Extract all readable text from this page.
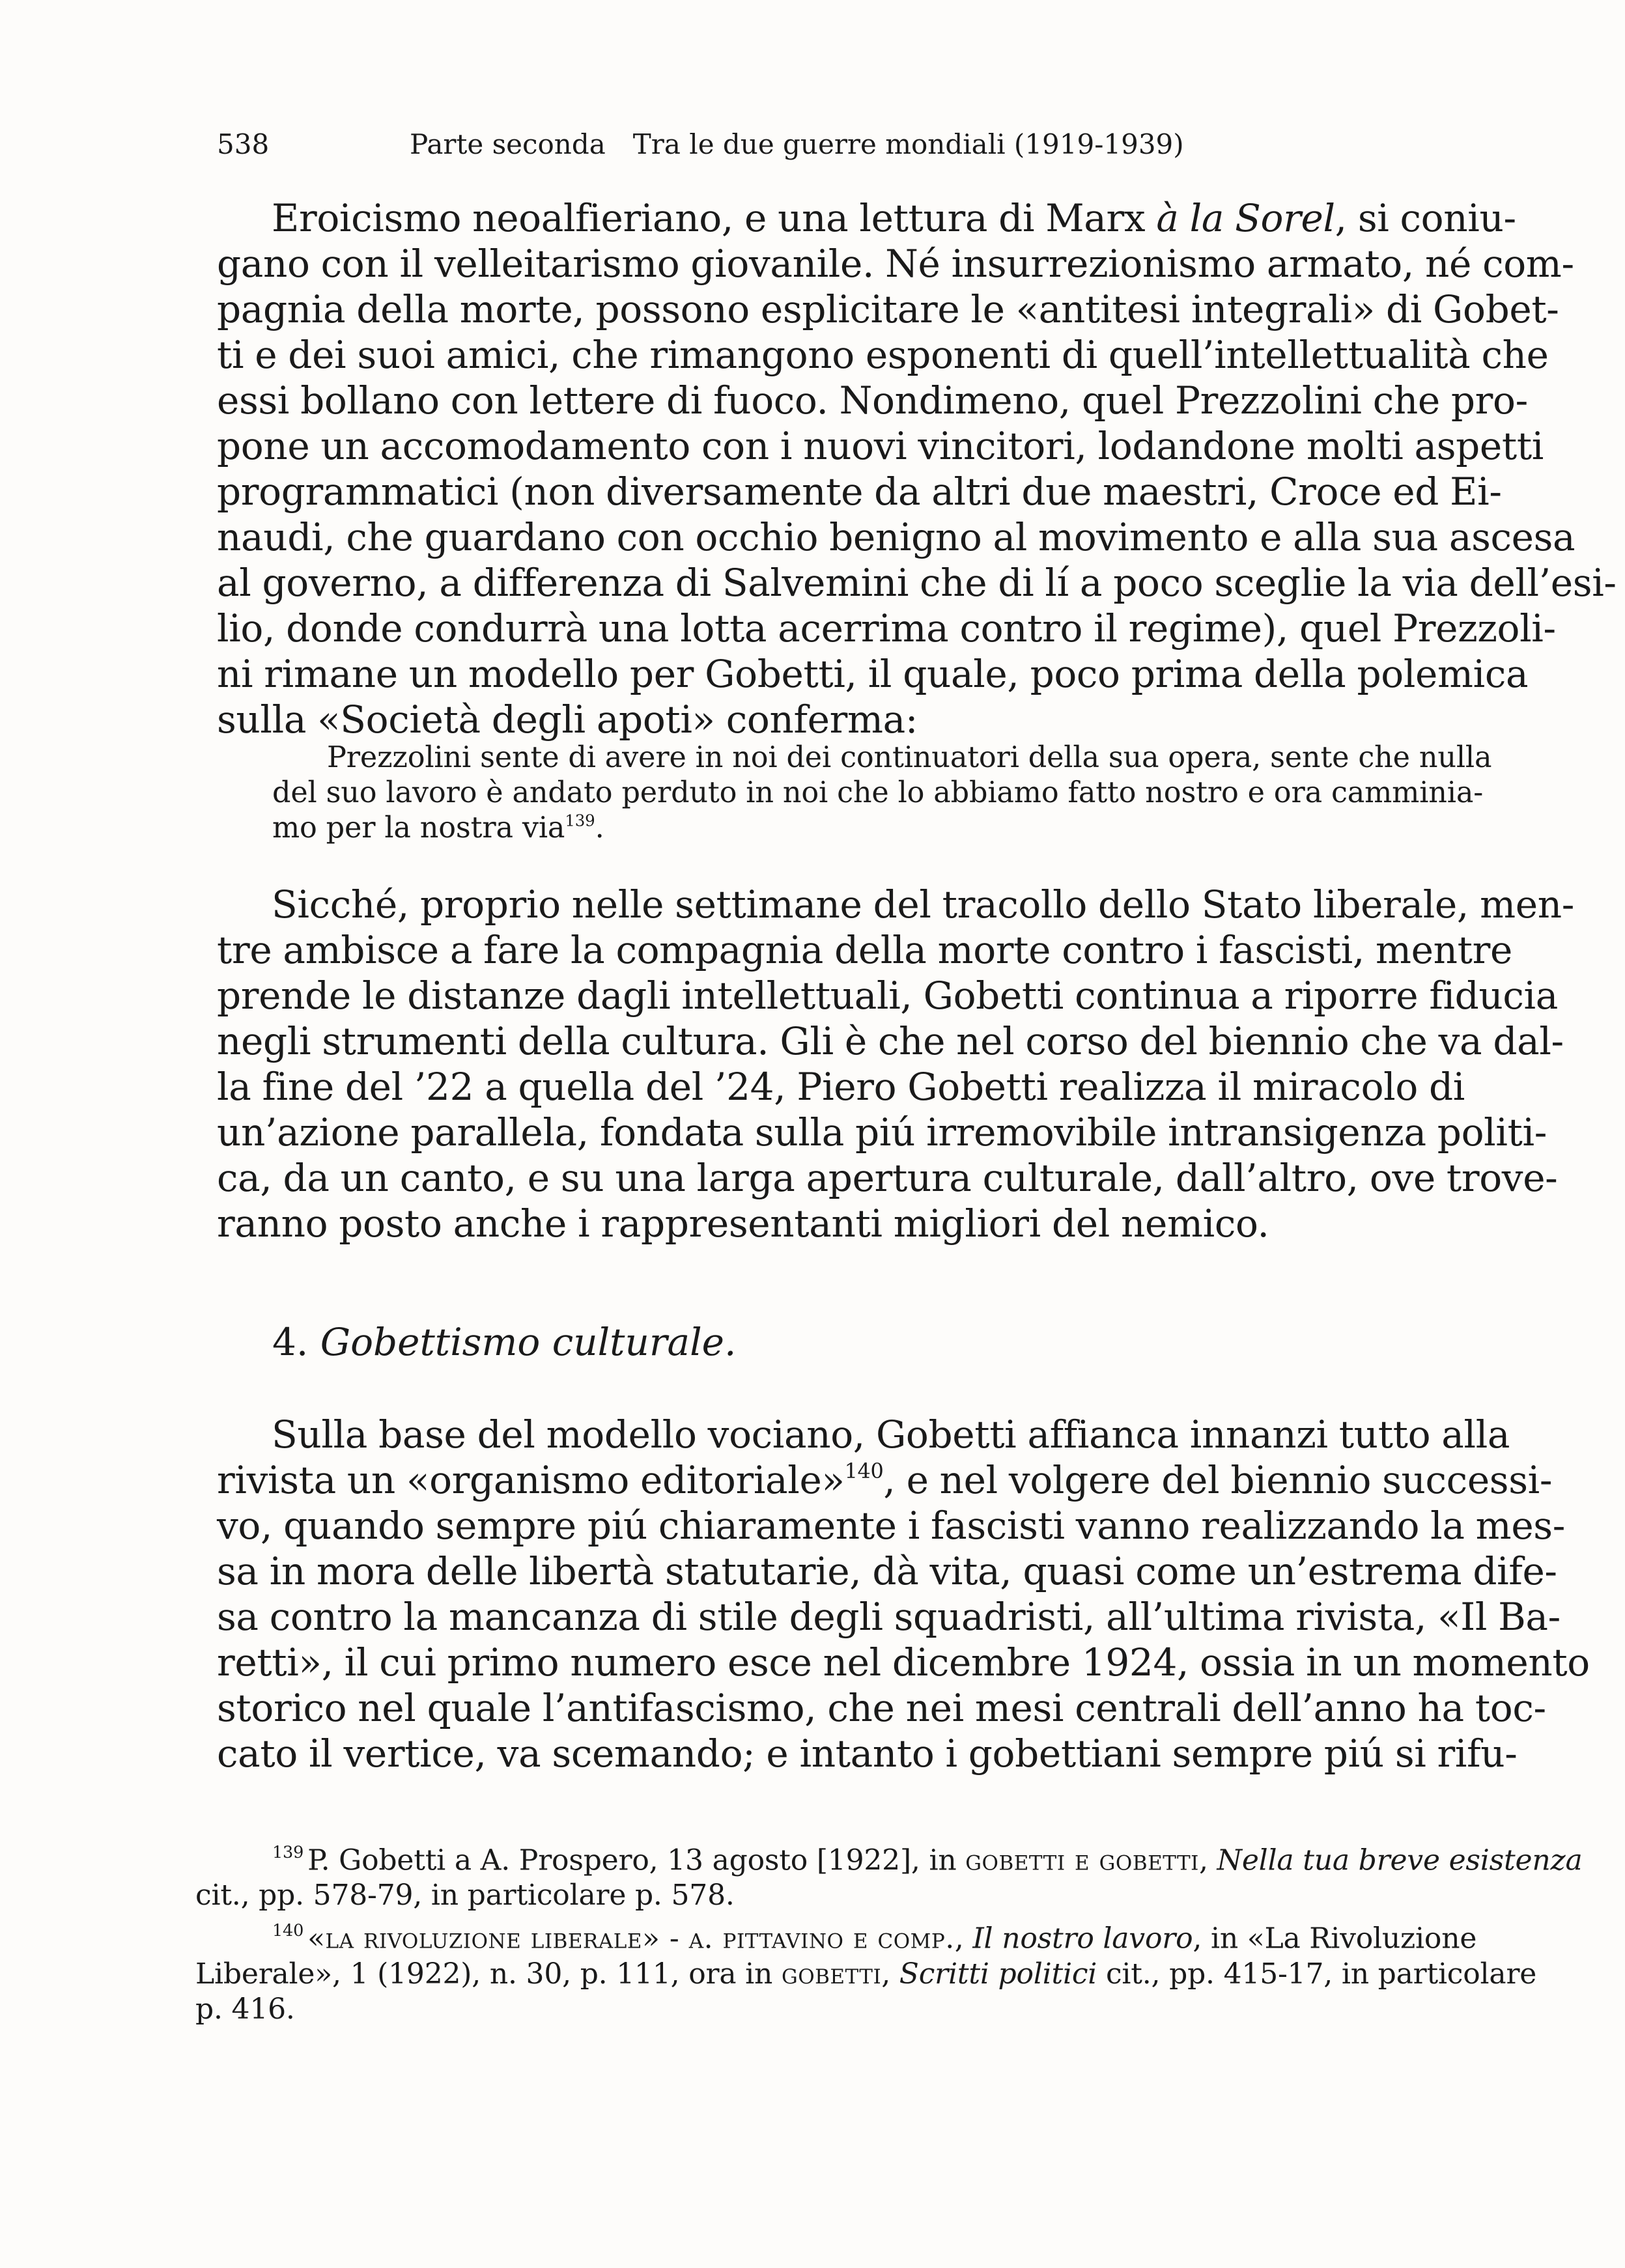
538	Parte seconda Tra le due guerre mondiali (1919-1939)
Eroicismo neoalfieriano, e una lettura di Marx à la Sorel, si coniu-
gano con il velleitarismo giovanile. Né insurrezionismo armato, né com-
pagnia della morte, possono esplicitare le «antitesi integrali» di Gobet-
ti e dei suoi amici, che rimangono esponenti di quell’intellettualità che
essi bollano con lettere di fuoco. Nondimeno, quel Prezzolini che pro-
pone un accomodamento con i nuovi vincitori, lodandone molti aspetti
programmatici (non diversamente da altri due maestri, Croce ed Ei-
naudi, che guardano con occhio benigno al movimento e alla sua ascesa
al governo, a differenza di Salvemini che di lí a poco sceglie la via dell’esi-
lio, donde condurrà una lotta acerrima contro il regime), quel Prezzoli-
ni rimane un modello per Gobetti, il quale, poco prima della polemica
sulla «Società degli apoti» conferma:
Prezzolini sente di avere in noi dei continuatori della sua opera, sente che nulla
del suo lavoro è andato perduto in noi che lo abbiamo fatto nostro e ora camminia-
mo per la nostra via$^{139}$.
Sicché, proprio nelle settimane del tracollo dello Stato liberale, men-
tre ambisce a fare la compagnia della morte contro i fascisti, mentre
prende le distanze dagli intellettuali, Gobetti continua a riporre fiducia
negli strumenti della cultura. Gli è che nel corso del biennio che va dal-
la fine del ’22 a quella del ’24, Piero Gobetti realizza il miracolo di
un’azione parallela, fondata sulla piú irremovibile intransigenza politi-
ca, da un canto, e su una larga apertura culturale, dall’altro, ove trove-
ranno posto anche i rappresentanti migliori del nemico.
4. Gobettismo culturale.
Sulla base del modello vociano, Gobetti affianca innanzi tutto alla
rivista un «organismo editoriale»$^{140}$, e nel volgere del biennio successi-
vo, quando sempre piú chiaramente i fascisti vanno realizzando la mes-
sa in mora delle libertà statutarie, dà vita, quasi come un’estrema dife-
sa contro la mancanza di stile degli squadristi, all’ultima rivista, «Il Ba-
retti», il cui primo numero esce nel dicembre 1924, ossia in un momento
storico nel quale l’antifascismo, che nei mesi centrali dell’anno ha toc-
cato il vertice, va scemando; e intanto i gobettiani sempre piú si rifu-
$^{139}$ P. Gobetti a A. Prospero, 13 agosto [1922], in gobetti e gobetti, Nella tua breve esistenza
cit., pp. 578-79, in particolare p. 578.
$^{140}$ «la rivoluzione liberale» - a. pittavino e comp., Il nostro lavoro, in «La Rivoluzione
Liberale», 1 (1922), n. 30, p. 111, ora in gobetti, Scritti politici cit., pp. 415-17, in particolare
p. 416.
